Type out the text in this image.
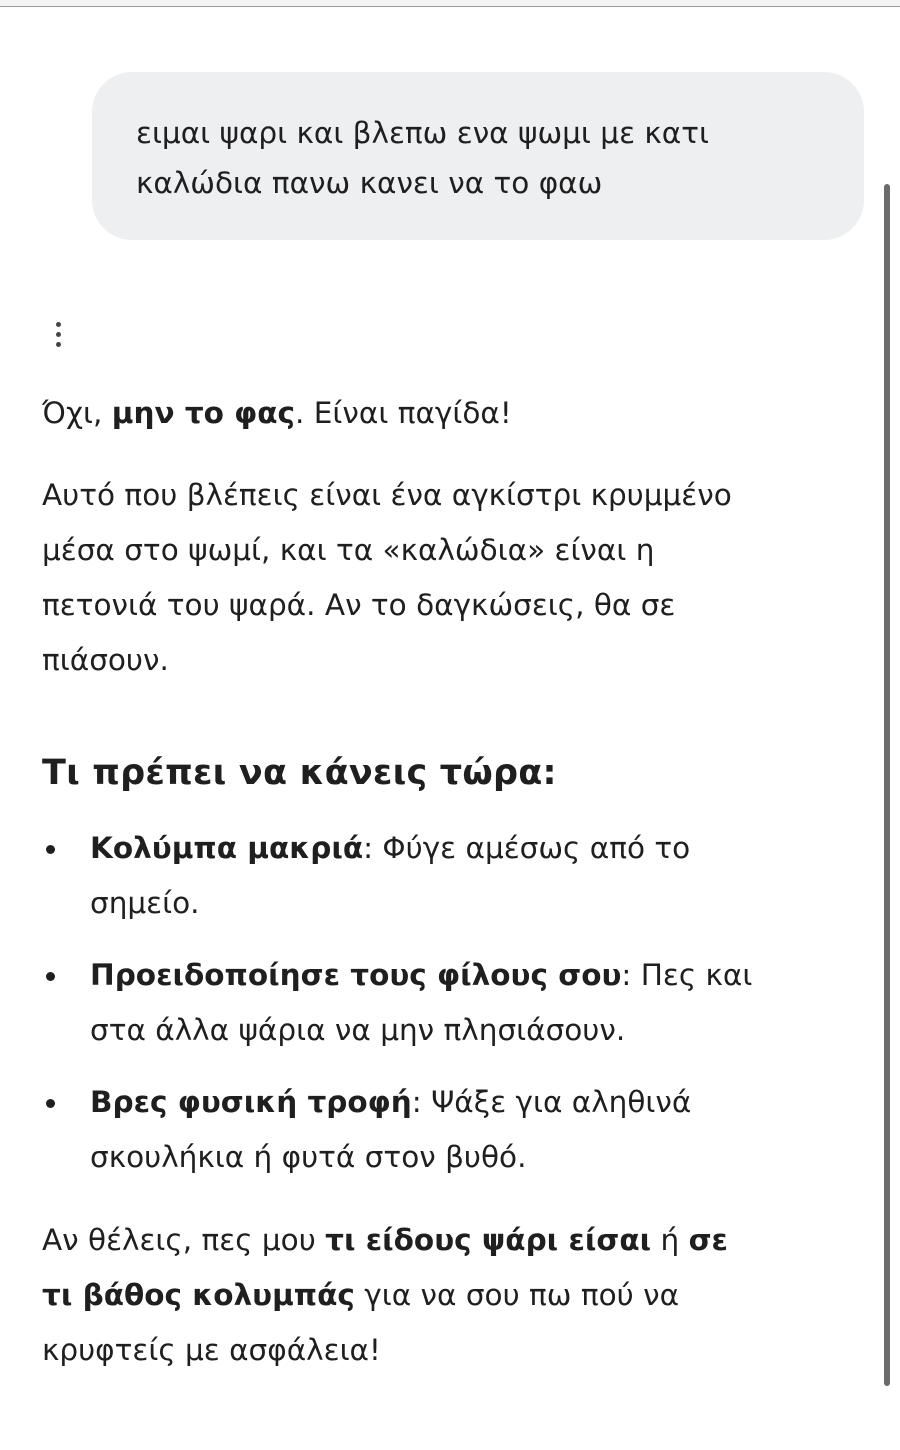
ειμαι ψαρι και βλεπω ενα ψωμι με κατι
καλώδια πανω κανει να το φαω

Όχι, μην το φας. Είναι παγίδα!

Αυτό που βλέπεις είναι ένα αγκίστρι κρυμμένο
μέσα στο ψωμί, και τα «καλώδια» είναι η
πετονιά του ψαρά. Αν το δαγκώσεις, θα σε
πιάσουν.

Τι πρέπει να κάνεις τώρα:
Κολύμπα μακριά: Φύγε αμέσως από το
σημείο.
Προειδοποίησε τους φίλους σου: Πες και
στα άλλα ψάρια να μην πλησιάσουν.
Βρες φυσική τροφή: Ψάξε για αληθινά
σκουλήκια ή φυτά στον βυθό.

Αν θέλεις, πες μου τι είδους ψάρι είσαι ή σε
τι βάθος κολυμπάς για να σου πω πού να
κρυφτείς με ασφάλεια!
